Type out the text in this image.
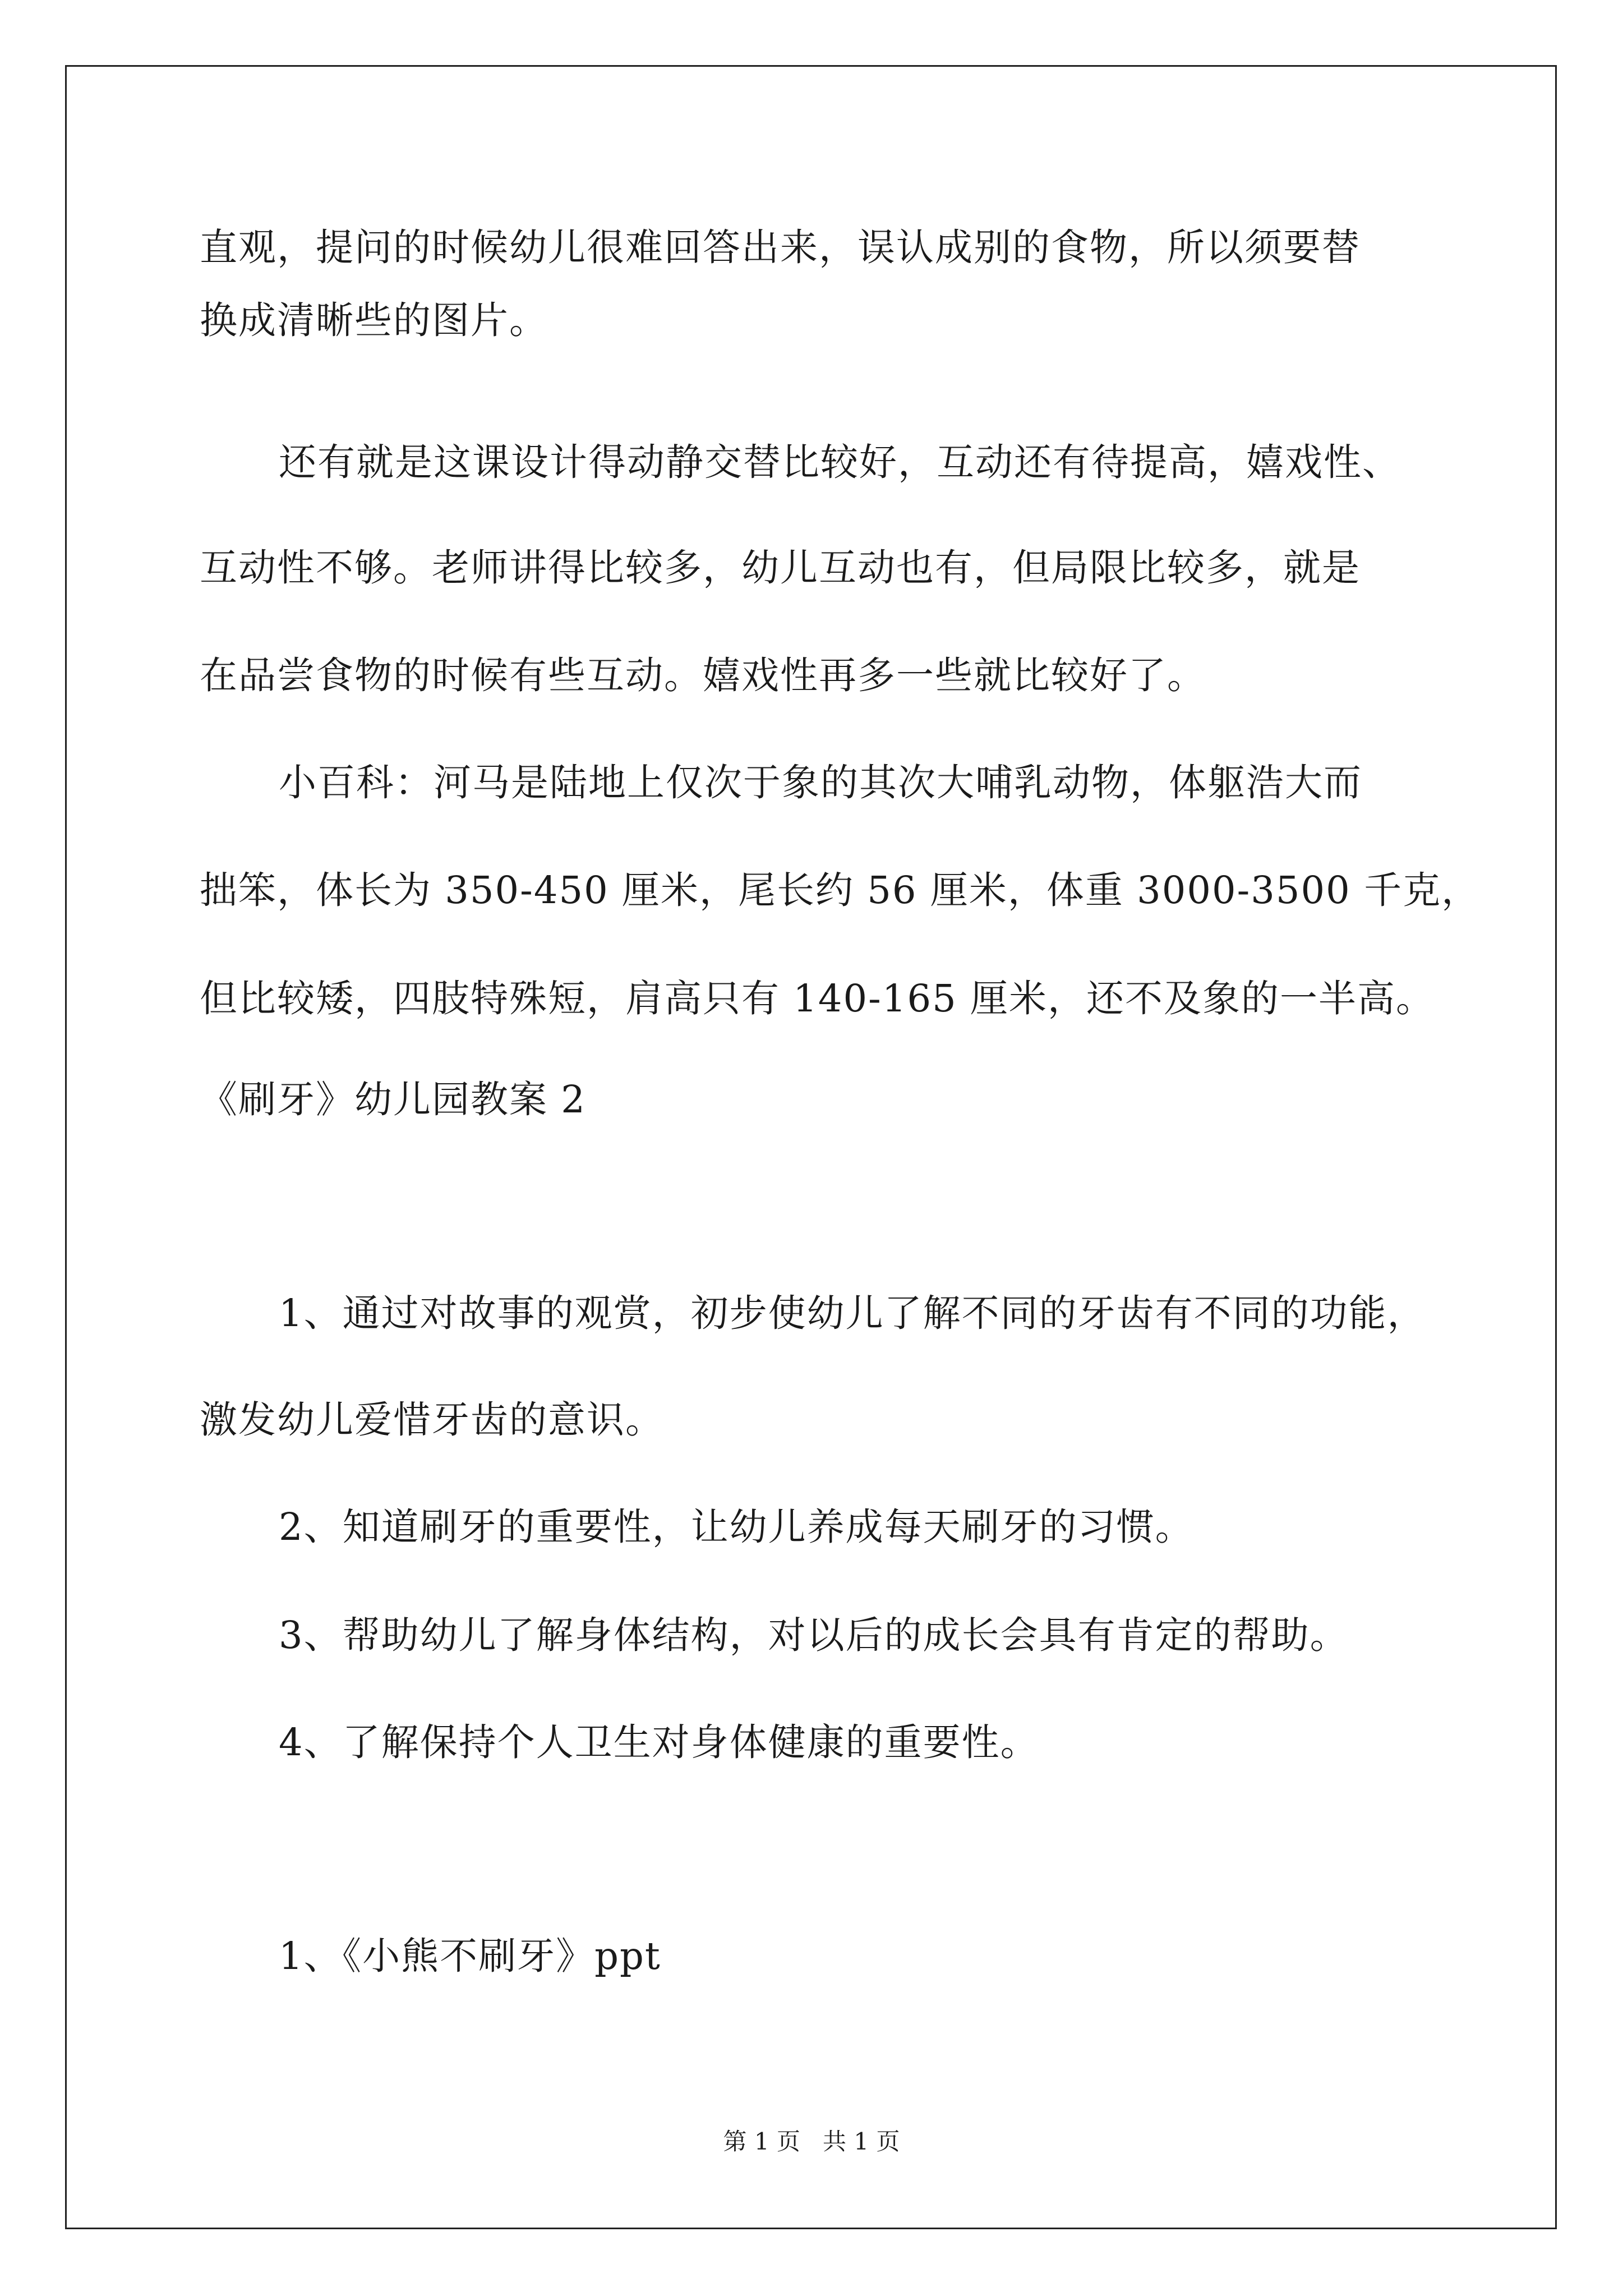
直观，提问的时候幼儿很难回答出来，误认成别的食物，所以须要替
换成清晰些的图片。
还有就是这课设计得动静交替比较好，互动还有待提高，嬉戏性、
互动性不够。老师讲得比较多，幼儿互动也有，但局限比较多，就是
在品尝食物的时候有些互动。嬉戏性再多一些就比较好了。
小百科：河马是陆地上仅次于象的其次大哺乳动物，体躯浩大而
拙笨，体长为 350-450 厘米，尾长约 56 厘米，体重 3000-3500 千克，
但比较矮，四肢特殊短，肩高只有 140-165 厘米，还不及象的一半高。
《刷牙》幼儿园教案 2
1、通过对故事的观赏，初步使幼儿了解不同的牙齿有不同的功能，
激发幼儿爱惜牙齿的意识。
2、知道刷牙的重要性，让幼儿养成每天刷牙的习惯。
3、帮助幼儿了解身体结构，对以后的成长会具有肯定的帮助。
4、了解保持个人卫生对身体健康的重要性。
1、《小熊不刷牙》ppt
第 1 页   共 1 页
